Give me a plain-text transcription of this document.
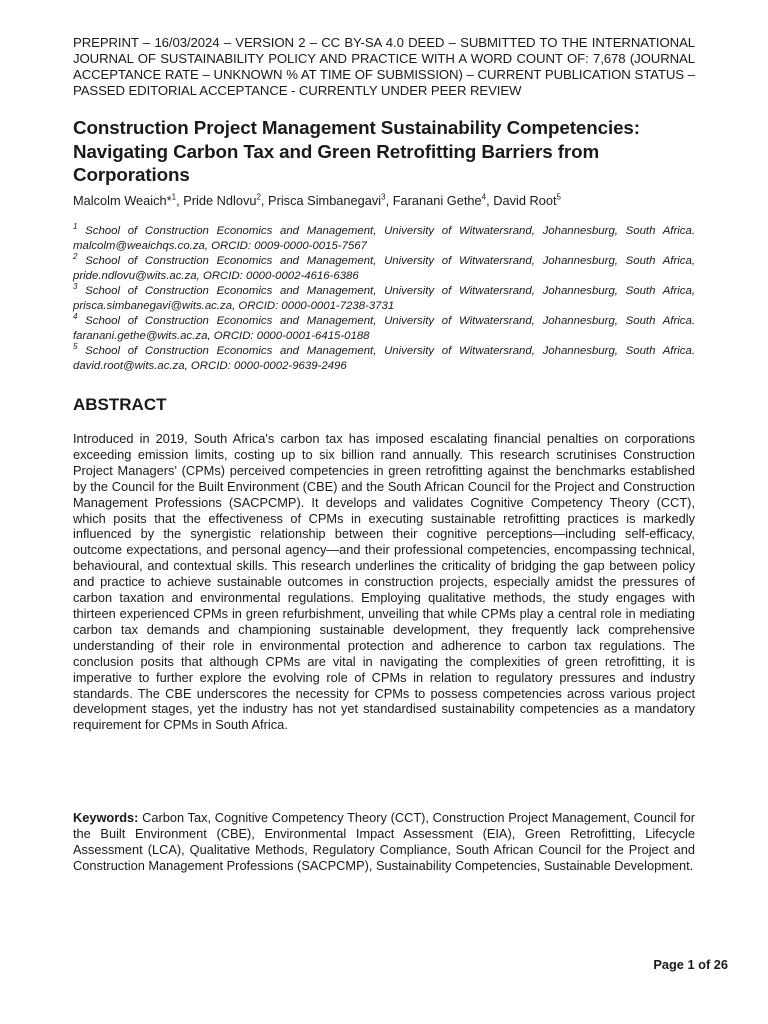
PREPRINT – 16/03/2024 – VERSION 2 – CC BY-SA 4.0 DEED – SUBMITTED TO THE INTERNATIONAL JOURNAL OF SUSTAINABILITY POLICY AND PRACTICE WITH A WORD COUNT OF: 7,678 (JOURNAL ACCEPTANCE RATE – UNKNOWN % AT TIME OF SUBMISSION) – CURRENT PUBLICATION STATUS – PASSED EDITORIAL ACCEPTANCE - CURRENTLY UNDER PEER REVIEW
Construction Project Management Sustainability Competencies: Navigating Carbon Tax and Green Retrofitting Barriers from Corporations
Malcolm Weaich*$^1$, Pride Ndlovu$^2$, Prisca Simbanegavi$^3$, Faranani Gethe$^4$, David Root$^5$

$^1$ School of Construction Economics and Management, University of Witwatersrand, Johannesburg, South Africa. malcolm@weaichqs.co.za, ORCID: 0009-0000-0015-7567

$^2$ School of Construction Economics and Management, University of Witwatersrand, Johannesburg, South Africa, pride.ndlovu@wits.ac.za, ORCID: 0000-0002-4616-6386

$^3$ School of Construction Economics and Management, University of Witwatersrand, Johannesburg, South Africa, prisca.simbanegavi@wits.ac.za, ORCID: 0000-0001-7238-3731

$^4$ School of Construction Economics and Management, University of Witwatersrand, Johannesburg, South Africa. faranani.gethe@wits.ac.za, ORCID: 0000-0001-6415-0188

$^5$ School of Construction Economics and Management, University of Witwatersrand, Johannesburg, South Africa. david.root@wits.ac.za, ORCID: 0000-0002-9639-2496

ABSTRACT

Introduced in 2019, South Africa's carbon tax has imposed escalating financial penalties on corporations exceeding emission limits, costing up to six billion rand annually. This research scrutinises Construction Project Managers' (CPMs) perceived competencies in green retrofitting against the benchmarks established by the Council for the Built Environment (CBE) and the South African Council for the Project and Construction Management Professions (SACPCMP). It develops and validates Cognitive Competency Theory (CCT), which posits that the effectiveness of CPMs in executing sustainable retrofitting practices is markedly influenced by the synergistic relationship between their cognitive perceptions—including self-efficacy, outcome expectations, and personal agency—and their professional competencies, encompassing technical, behavioural, and contextual skills. This research underlines the criticality of bridging the gap between policy and practice to achieve sustainable outcomes in construction projects, especially amidst the pressures of carbon taxation and environmental regulations. Employing qualitative methods, the study engages with thirteen experienced CPMs in green refurbishment, unveiling that while CPMs play a central role in mediating carbon tax demands and championing sustainable development, they frequently lack comprehensive understanding of their role in environmental protection and adherence to carbon tax regulations. The conclusion posits that although CPMs are vital in navigating the complexities of green retrofitting, it is imperative to further explore the evolving role of CPMs in relation to regulatory pressures and industry standards. The CBE underscores the necessity for CPMs to possess competencies across various project development stages, yet the industry has not yet standardised sustainability competencies as a mandatory requirement for CPMs in South Africa.

Keywords: Carbon Tax, Cognitive Competency Theory (CCT), Construction Project Management, Council for the Built Environment (CBE), Environmental Impact Assessment (EIA), Green Retrofitting, Lifecycle Assessment (LCA), Qualitative Methods, Regulatory Compliance, South African Council for the Project and Construction Management Professions (SACPCMP), Sustainability Competencies, Sustainable Development.

Page 1 of 26
